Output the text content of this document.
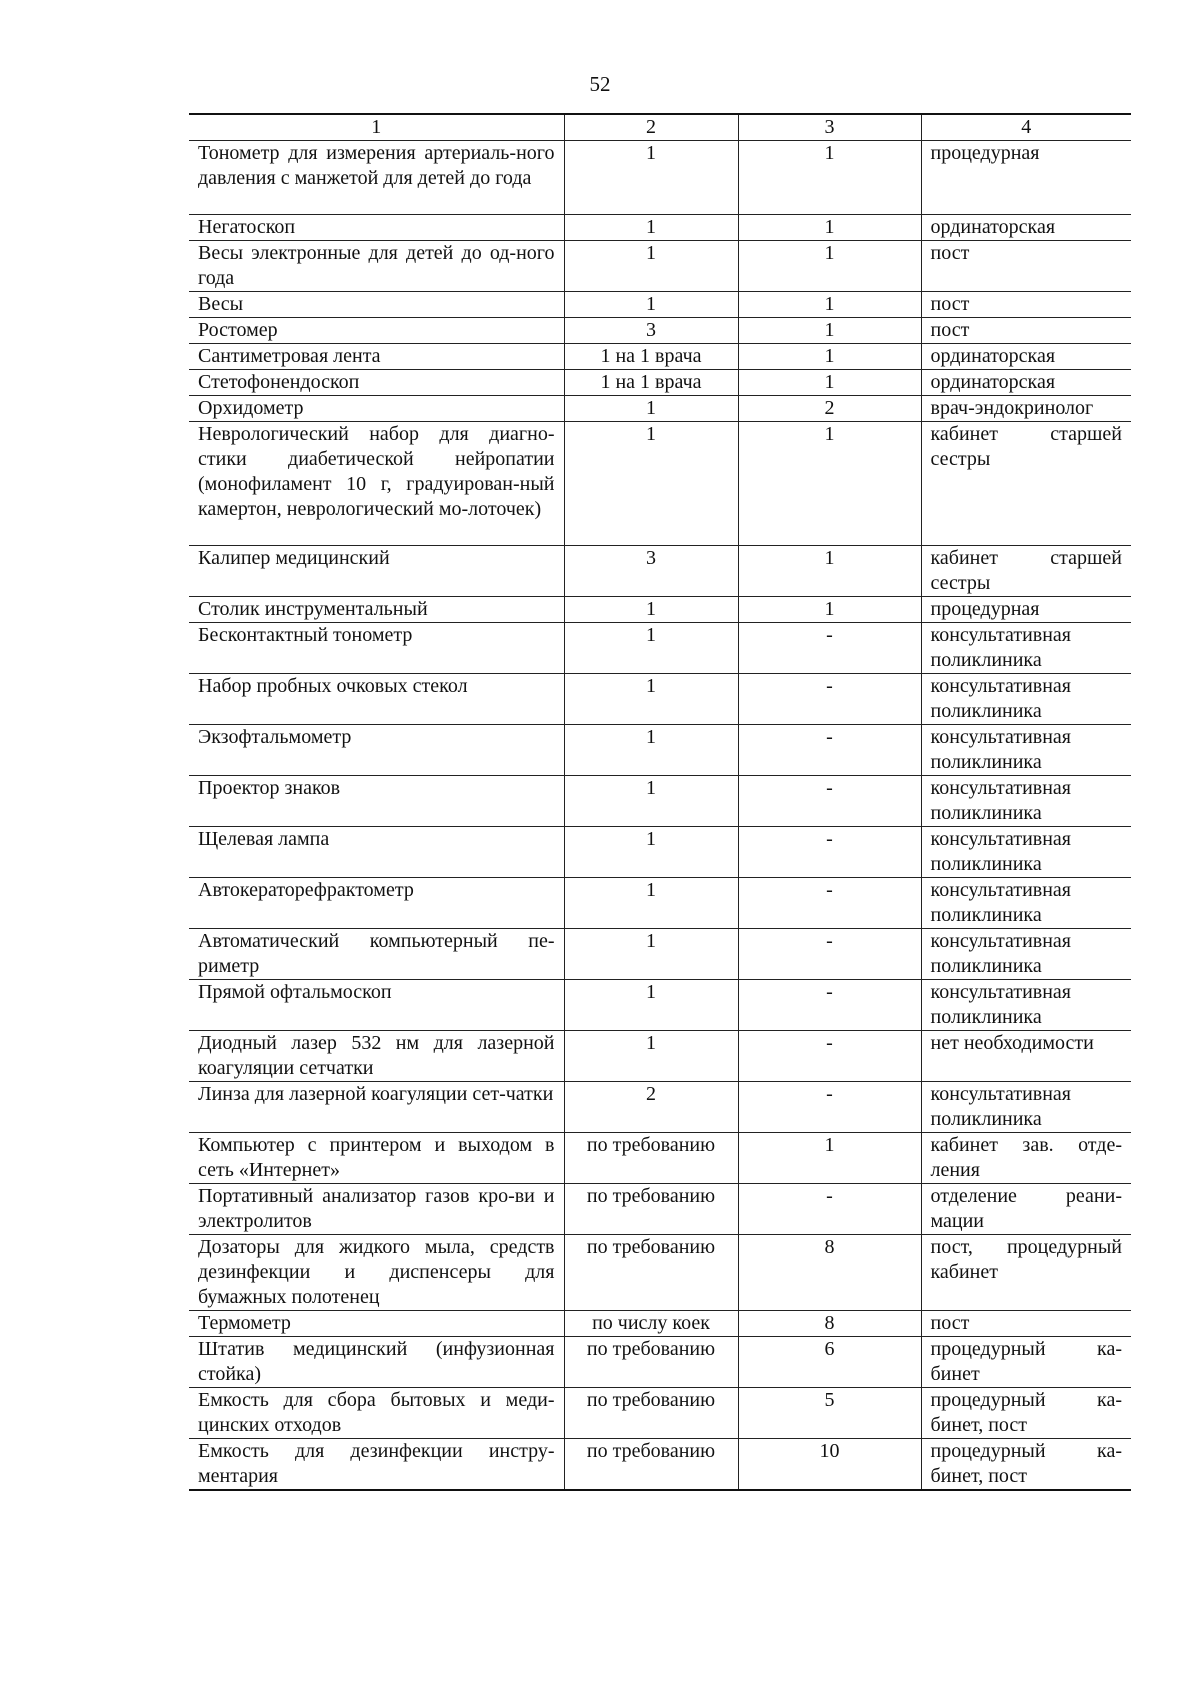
52
1	2	3	4
Тонометр для измерения артериаль-ного давления с манжетой для детей до года	1	1	процедурная
Негатоскоп	1	1	ординаторская
Весы электронные для детей до од-ного года	1	1	пост
Весы	1	1	пост
Ростомер	3	1	пост
Сантиметровая лента	1 на 1 врача	1	ординаторская
Стетофонендоскоп	1 на 1 врача	1	ординаторская
Орхидометр	1	2	врач-эндокринолог
Неврологический набор для диагно-стики диабетической нейропатии (монофиламент 10 г, градуирован-ный камертон, неврологический мо-лоточек)	1	1	кабинет старшей сестры
Калипер медицинский	3	1	кабинет старшей сестры
Столик инструментальный	1	1	процедурная
Бесконтактный тонометр	1	-	консультативная поликлиника
Набор пробных очковых стекол	1	-	консультативная поликлиника
Экзофтальмометр	1	-	консультативная поликлиника
Проектор знаков	1	-	консультативная поликлиника
Щелевая лампа	1	-	консультативная поликлиника
Автокераторефрактометр	1	-	консультативная поликлиника
Автоматический компьютерный пе-риметр	1	-	консультативная поликлиника
Прямой офтальмоскоп	1	-	консультативная поликлиника
Диодный лазер 532 нм для лазерной коагуляции сетчатки	1	-	нет необходимости
Линза для лазерной коагуляции сет-чатки	2	-	консультативная поликлиника
Компьютер с принтером и выходом в сеть «Интернет»	по требованию	1	кабинет зав. отде-ления
Портативный анализатор газов кро-ви и электролитов	по требованию	-	отделение реани-мации
Дозаторы для жидкого мыла, средств дезинфекции и диспенсеры для бумажных полотенец	по требованию	8	пост, процедурный кабинет
Термометр	по числу коек	8	пост
Штатив медицинский (инфузионная стойка)	по требованию	6	процедурный ка-бинет
Емкость для сбора бытовых и меди-цинских отходов	по требованию	5	процедурный ка-бинет, пост
Емкость для дезинфекции инстру-ментария	по требованию	10	процедурный ка-бинет, пост
